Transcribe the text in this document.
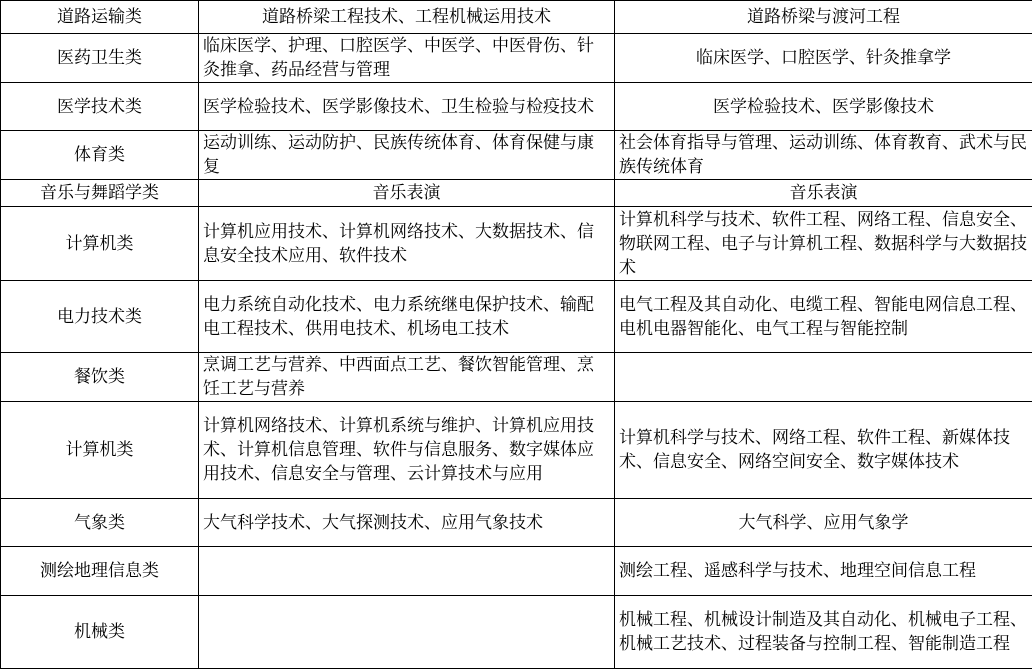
道路运输类	道路桥梁工程技术、工程机械运用技术	道路桥梁与渡河工程
医药卫生类	临床医学、护理、口腔医学、中医学、中医骨伤、针灸推拿、药品经营与管理	临床医学、口腔医学、针灸推拿学
医学技术类	医学检验技术、医学影像技术、卫生检验与检疫技术	医学检验技术、医学影像技术
体育类	运动训练、运动防护、民族传统体育、体育保健与康复	社会体育指导与管理、运动训练、体育教育、武术与民族传统体育
音乐与舞蹈学类	音乐表演	音乐表演
计算机类	计算机应用技术、计算机网络技术、大数据技术、信息安全技术应用、软件技术	计算机科学与技术、软件工程、网络工程、信息安全、物联网工程、电子与计算机工程、数据科学与大数据技术
电力技术类	电力系统自动化技术、电力系统继电保护技术、输配电工程技术、供用电技术、机场电工技术	电气工程及其自动化、电缆工程、智能电网信息工程、电机电器智能化、电气工程与智能控制
餐饮类	烹调工艺与营养、中西面点工艺、餐饮智能管理、烹饪工艺与营养	
计算机类	计算机网络技术、计算机系统与维护、计算机应用技术、计算机信息管理、软件与信息服务、数字媒体应用技术、信息安全与管理、云计算技术与应用	计算机科学与技术、网络工程、软件工程、新媒体技术、信息安全、网络空间安全、数字媒体技术
气象类	大气科学技术、大气探测技术、应用气象技术	大气科学、应用气象学
测绘地理信息类		测绘工程、遥感科学与技术、地理空间信息工程
机械类		机械工程、机械设计制造及其自动化、机械电子工程、机械工艺技术、过程装备与控制工程、智能制造工程
